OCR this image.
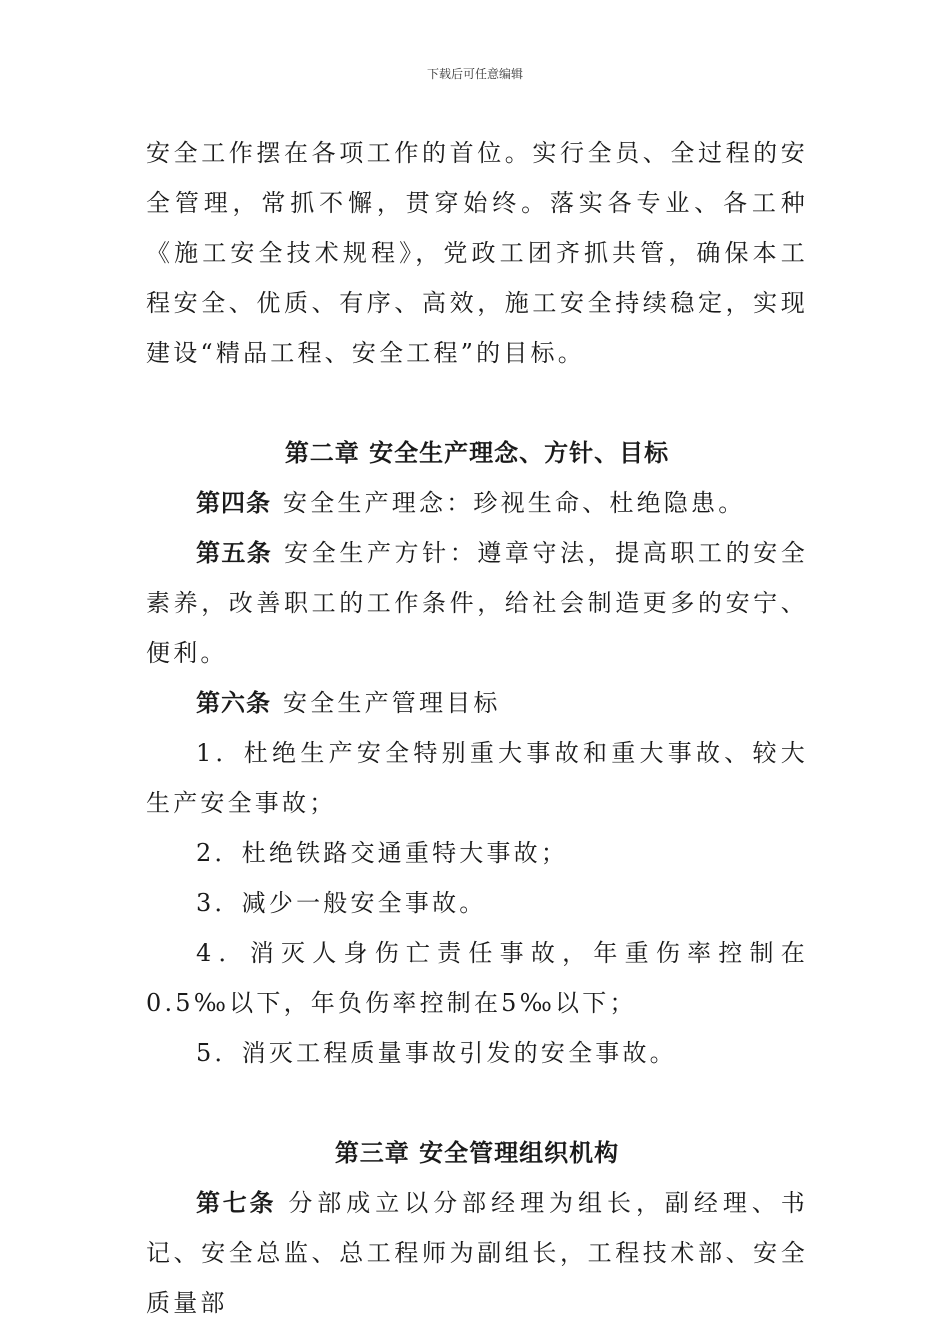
下载后可任意编辑

安全工作摆在各项工作的首位。实行全员、全过程的安全管理，常抓不懈，贯穿始终。落实各专业、各工种《施工安全技术规程》，党政工团齐抓共管，确保本工程安全、优质、有序、高效，施工安全持续稳定，实现建设“精品工程、安全工程”的目标。

第二章 安全生产理念、方针、目标

第四条 安全生产理念：珍视生命、杜绝隐患。

第五条 安全生产方针：遵章守法，提高职工的安全素养，改善职工的工作条件，给社会制造更多的安宁、便利。

第六条 安全生产管理目标

1．杜绝生产安全特别重大事故和重大事故、较大生产安全事故；

2．杜绝铁路交通重特大事故；

3．减少一般安全事故。

4．消灭人身伤亡责任事故，年重伤率控制在0.5‰以下，年负伤率控制在5‰以下；

5．消灭工程质量事故引发的安全事故。

第三章 安全管理组织机构

第七条 分部成立以分部经理为组长，副经理、书记、安全总监、总工程师为副组长，工程技术部、安全质量部
